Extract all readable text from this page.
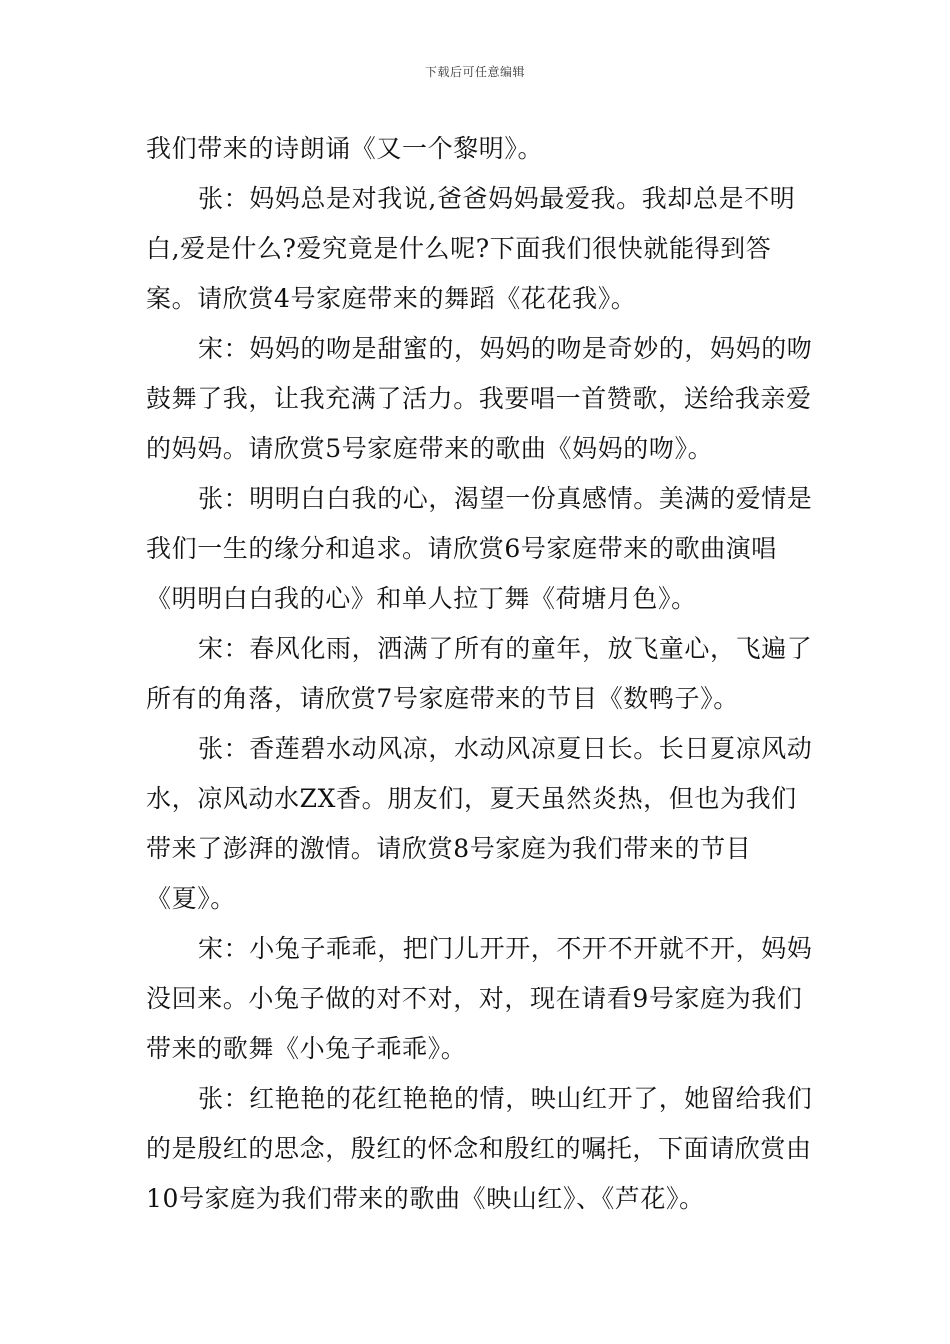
下载后可任意编辑

我们带来的诗朗诵《又一个黎明》。

张：妈妈总是对我说,爸爸妈妈最爱我。我却总是不明白,爱是什么?爱究竟是什么呢?下面我们很快就能得到答案。请欣赏4号家庭带来的舞蹈《花花我》。

宋：妈妈的吻是甜蜜的，妈妈的吻是奇妙的，妈妈的吻鼓舞了我，让我充满了活力。我要唱一首赞歌，送给我亲爱的妈妈。请欣赏5号家庭带来的歌曲《妈妈的吻》。

张：明明白白我的心，渴望一份真感情。美满的爱情是我们一生的缘分和追求。请欣赏6号家庭带来的歌曲演唱《明明白白我的心》和单人拉丁舞《荷塘月色》。

宋：春风化雨，洒满了所有的童年，放飞童心，飞遍了所有的角落，请欣赏7号家庭带来的节目《数鸭子》。

张：香莲碧水动风凉，水动风凉夏日长。长日夏凉风动水，凉风动水ZX香。朋友们，夏天虽然炎热，但也为我们带来了澎湃的激情。请欣赏8号家庭为我们带来的节目《夏》。

宋：小兔子乖乖，把门儿开开，不开不开就不开，妈妈没回来。小兔子做的对不对，对，现在请看9号家庭为我们带来的歌舞《小兔子乖乖》。

张：红艳艳的花红艳艳的情，映山红开了，她留给我们的是殷红的思念，殷红的怀念和殷红的嘱托，下面请欣赏由10号家庭为我们带来的歌曲《映山红》、《芦花》。
